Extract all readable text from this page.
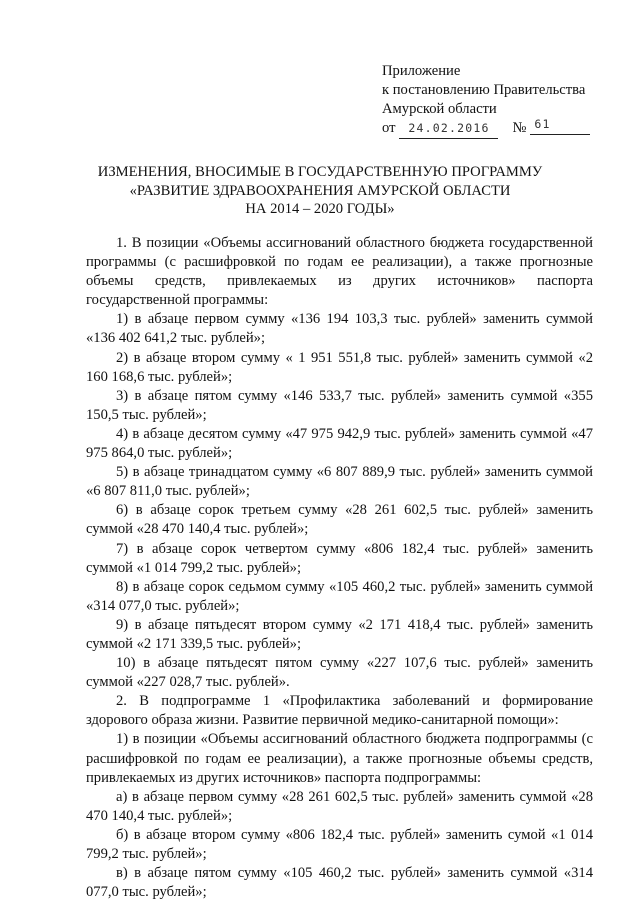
Приложение
к постановлению Правительства
Амурской области
от	24.02.2016	№ 61
ИЗМЕНЕНИЯ, ВНОСИМЫЕ В ГОСУДАРСТВЕННУЮ ПРОГРАММУ
«РАЗВИТИЕ ЗДРАВООХРАНЕНИЯ АМУРСКОЙ ОБЛАСТИ
НА 2014 – 2020 ГОДЫ»

1. В позиции «Объемы ассигнований областного бюджета государственной программы (с расшифровкой по годам ее реализации), а также прогнозные объемы средств, привлекаемых из других источников» паспорта государственной программы:

1) в абзаце первом сумму «136 194 103,3 тыс. рублей» заменить суммой «136 402 641,2 тыс. рублей»;

2) в абзаце втором сумму « 1 951 551,8 тыс. рублей» заменить суммой «2 160 168,6 тыс. рублей»;

3) в абзаце пятом сумму «146 533,7 тыс. рублей» заменить суммой «355 150,5 тыс. рублей»;

4) в абзаце десятом сумму «47 975 942,9 тыс. рублей» заменить суммой «47 975 864,0 тыс. рублей»;

5) в абзаце тринадцатом сумму «6 807 889,9 тыс. рублей» заменить суммой «6 807 811,0 тыс. рублей»;

6) в абзаце сорок третьем сумму «28 261 602,5 тыс. рублей» заменить суммой «28 470 140,4 тыс. рублей»;

7) в абзаце сорок четвертом сумму «806 182,4 тыс. рублей» заменить суммой «1 014 799,2 тыс. рублей»;

8) в абзаце сорок седьмом сумму «105 460,2 тыс. рублей» заменить суммой «314 077,0 тыс. рублей»;

9) в абзаце пятьдесят втором сумму «2 171 418,4 тыс. рублей» заменить суммой «2 171 339,5 тыс. рублей»;

10) в абзаце пятьдесят пятом сумму «227 107,6 тыс. рублей» заменить суммой «227 028,7 тыс. рублей».

2. В подпрограмме 1 «Профилактика заболеваний и формирование здорового образа жизни. Развитие первичной медико-санитарной помощи»:

1) в позиции «Объемы ассигнований областного бюджета подпрограммы (с расшифровкой по годам ее реализации), а также прогнозные объемы средств, привлекаемых из других источников» паспорта подпрограммы:

а) в абзаце первом сумму «28 261 602,5 тыс. рублей» заменить суммой «28 470 140,4 тыс. рублей»;

б) в абзаце втором сумму «806 182,4 тыс. рублей» заменить сумой «1 014 799,2 тыс. рублей»;

в) в абзаце пятом сумму «105 460,2 тыс. рублей» заменить суммой «314 077,0 тыс. рублей»;
